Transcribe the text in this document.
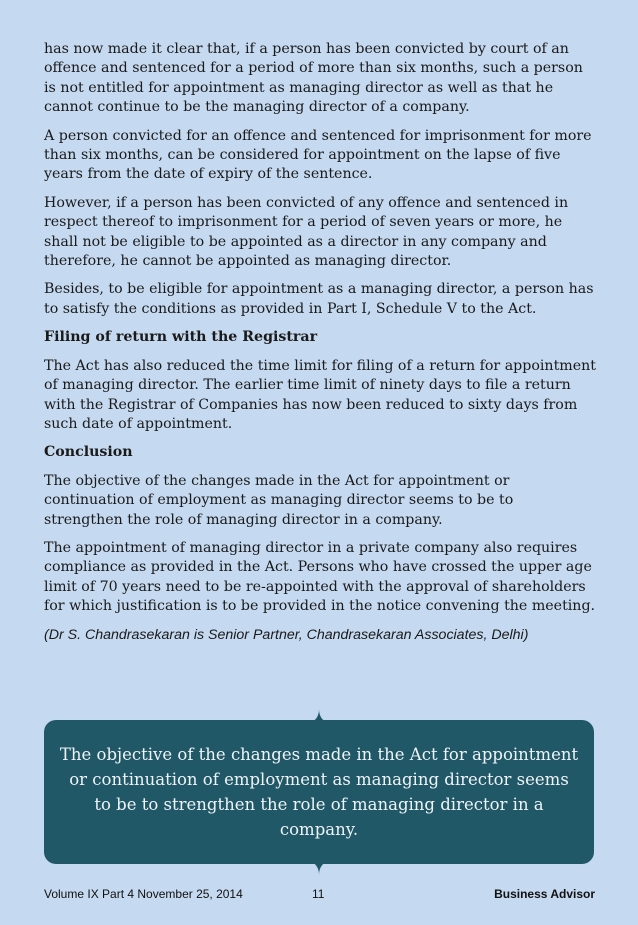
has now made it clear that, if a person has been convicted by court of an offence and sentenced for a period of more than six months, such a person is not entitled for appointment as managing director as well as that he cannot continue to be the managing director of a company.

A person convicted for an offence and sentenced for imprisonment for more than six months, can be considered for appointment on the lapse of five years from the date of expiry of the sentence.

However, if a person has been convicted of any offence and sentenced in respect thereof to imprisonment for a period of seven years or more, he shall not be eligible to be appointed as a director in any company and therefore, he cannot be appointed as managing director.

Besides, to be eligible for appointment as a managing director, a person has to satisfy the conditions as provided in Part I, Schedule V to the Act.

Filing of return with the Registrar

The Act has also reduced the time limit for filing of a return for appointment of managing director. The earlier time limit of ninety days to file a return with the Registrar of Companies has now been reduced to sixty days from such date of appointment.

Conclusion

The objective of the changes made in the Act for appointment or continuation of employment as managing director seems to be to strengthen the role of managing director in a company.

The appointment of managing director in a private company also requires compliance as provided in the Act. Persons who have crossed the upper age limit of 70 years need to be re-appointed with the approval of shareholders for which justification is to be provided in the notice convening the meeting.

(Dr S. Chandrasekaran is Senior Partner, Chandrasekaran Associates, Delhi)

The objective of the changes made in the Act for appointment or continuation of employment as managing director seems to be to strengthen the role of managing director in a company.

Volume IX Part 4 November 25, 2014	11	Business Advisor
